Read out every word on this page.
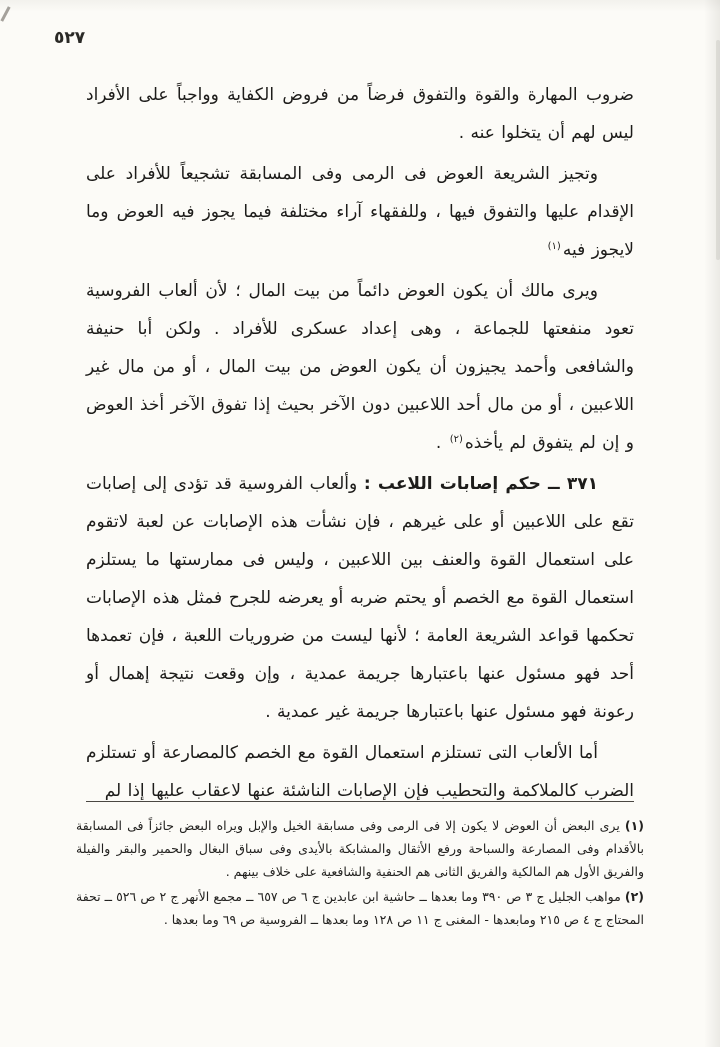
٥٢٧

ضروب المهارة والقوة والتفوق فرضاً من فروض الكفاية وواجباً على الأفراد ليس لهم أن يتخلوا عنه .

وتجيز الشريعة العوض فى الرمى وفى المسابقة تشجيعاً للأفراد على الإقدام عليها والتفوق فيها ، وللفقهاء آراء مختلفة فيما يجوز فيه العوض وما لايجوز فيه$^{(١)}$

ويرى مالك أن يكون العوض دائماً من بيت المال ؛ لأن ألعاب الفروسية تعود منفعتها للجماعة ، وهى إعداد عسكرى للأفراد . ولكن أبا حنيفة والشافعى وأحمد يجيزون أن يكون العوض من بيت المال ، أو من مال غير اللاعبين ، أو من مال أحد اللاعبين دون الآخر بحيث إذا تفوق الآخر أخذ العوض و إن لم يتفوق لم يأخذه$^{(٢)}$ .

٣٧١ ــ حكم إصابات اللاعب : وألعاب الفروسية قد تؤدى إلى إصابات تقع على اللاعبين أو على غيرهم ، فإن نشأت هذه الإصابات عن لعبة لاتقوم على استعمال القوة والعنف بين اللاعبين ، وليس فى ممارستها ما يستلزم استعمال القوة مع الخصم أو يحتم ضربه أو يعرضه للجرح فمثل هذه الإصابات تحكمها قواعد الشريعة العامة ؛ لأنها ليست من ضروريات اللعبة ، فإن تعمدها أحد فهو مسئول عنها باعتبارها جريمة عمدية ، وإن وقعت نتيجة إهمال أو رعونة فهو مسئول عنها باعتبارها جريمة غير عمدية .

أما الألعاب التى تستلزم استعمال القوة مع الخصم كالمصارعة أو تستلزم الضرب كالملاكمة والتحطيب فإن الإصابات الناشئة عنها لاعقاب عليها إذا لم

(١) يرى البعض أن العوض لا يكون إلا فى الرمى وفى مسابقة الخيل والإبل ويراه البعض جائزاً فى المسابقة بالأقدام وفى المصارعة والسباحة ورفع الأثقال والمشابكة بالأيدى وفى سباق البغال والحمير والبقر والفيلة والفريق الأول هم المالكية والفريق الثانى هم الحنفية والشافعية على خلاف بينهم .

(٢) مواهب الجليل ج ٣ ص ٣٩٠ وما بعدها ــ حاشية ابن عابدين ج ٦ ص ٦٥٧ ــ مجمع الأنهر ج ٢ ص ٥٢٦ ــ تحفة المحتاج ج ٤ ص ٢١٥ ومابعدها - المغنى ج ١١ ص ١٢٨ وما بعدها ــ الفروسية ص ٦٩ وما بعدها .
